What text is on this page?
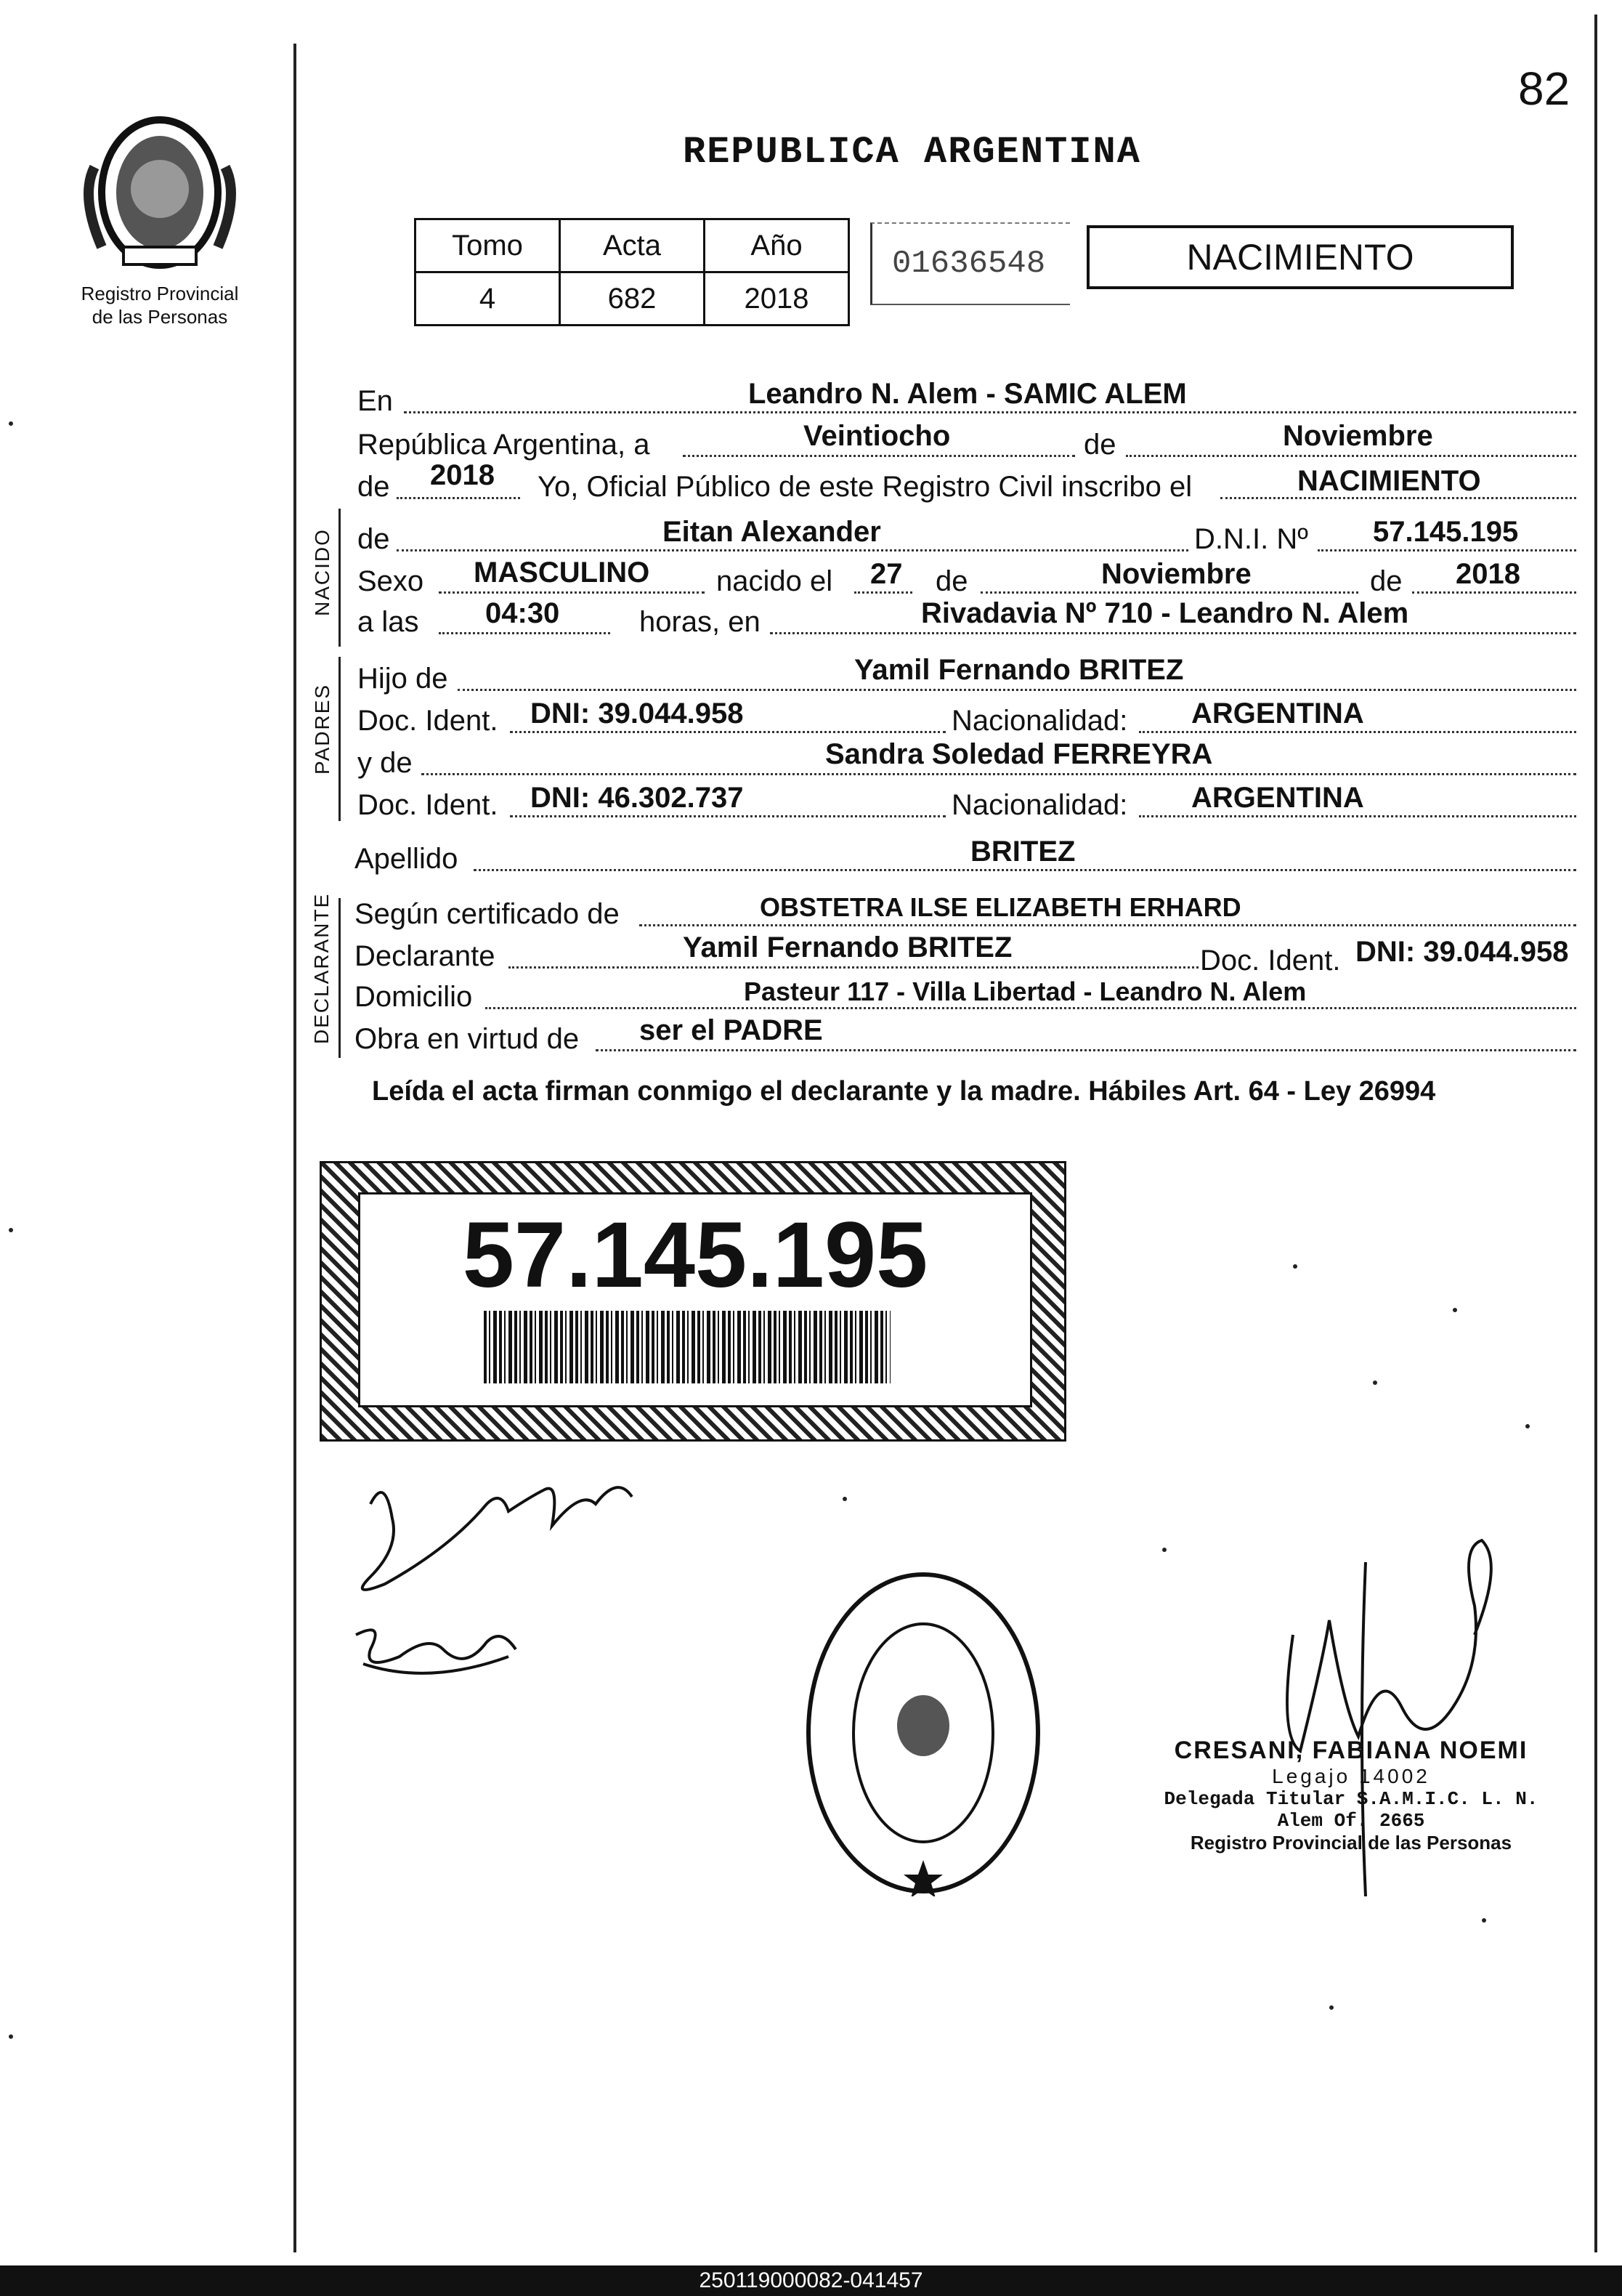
Registro Provincial
de las Personas
82
REPUBLICA ARGENTINA
Tomo	Acta	Año
4	682	2018
01636548	NACIMIENTO
En	Leandro N. Alem - SAMIC ALEM
República Argentina, a	Veintiocho	de	Noviembre
de 2018 Yo, Oficial Público de este Registro Civil inscribo el	NACIMIENTO
NACIDO de	Eitan Alexander	D.N.I. Nº 57.145.195
Sexo MASCULINO nacido el 27 de	Noviembre	de 2018
a las 04:30	horas, en	Rivadavia Nº 710 - Leandro N. Alem
PADRES
Hijo de	Yamil Fernando BRITEZ
Doc. Ident. DNI: 39.044.958	Nacionalidad: ARGENTINA
y de	Sandra Soledad FERREYRA
Doc. Ident. DNI: 46.302.737	Nacionalidad: ARGENTINA
Apellido	BRITEZ
DECLARANTE Según certificado de	OBSTETRA ILSE ELIZABETH ERHARD
Declarante	Yamil Fernando BRITEZ	Doc. Ident. DNI: 39.044.958
Domicilio	Pasteur 117 - Villa Libertad - Leandro N. Alem
Obra en virtud de ser el PADRE
Leída el acta firman conmigo el declarante y la madre. Hábiles Art. 64 - Ley 26994
57.145.195
CRESANI, FABIANA NOEMI
Legajo 14002
Delegada Titular S.A.M.I.C. L. N. Alem Of. 2665
Registro Provincial de las Personas
250119000082-041457
